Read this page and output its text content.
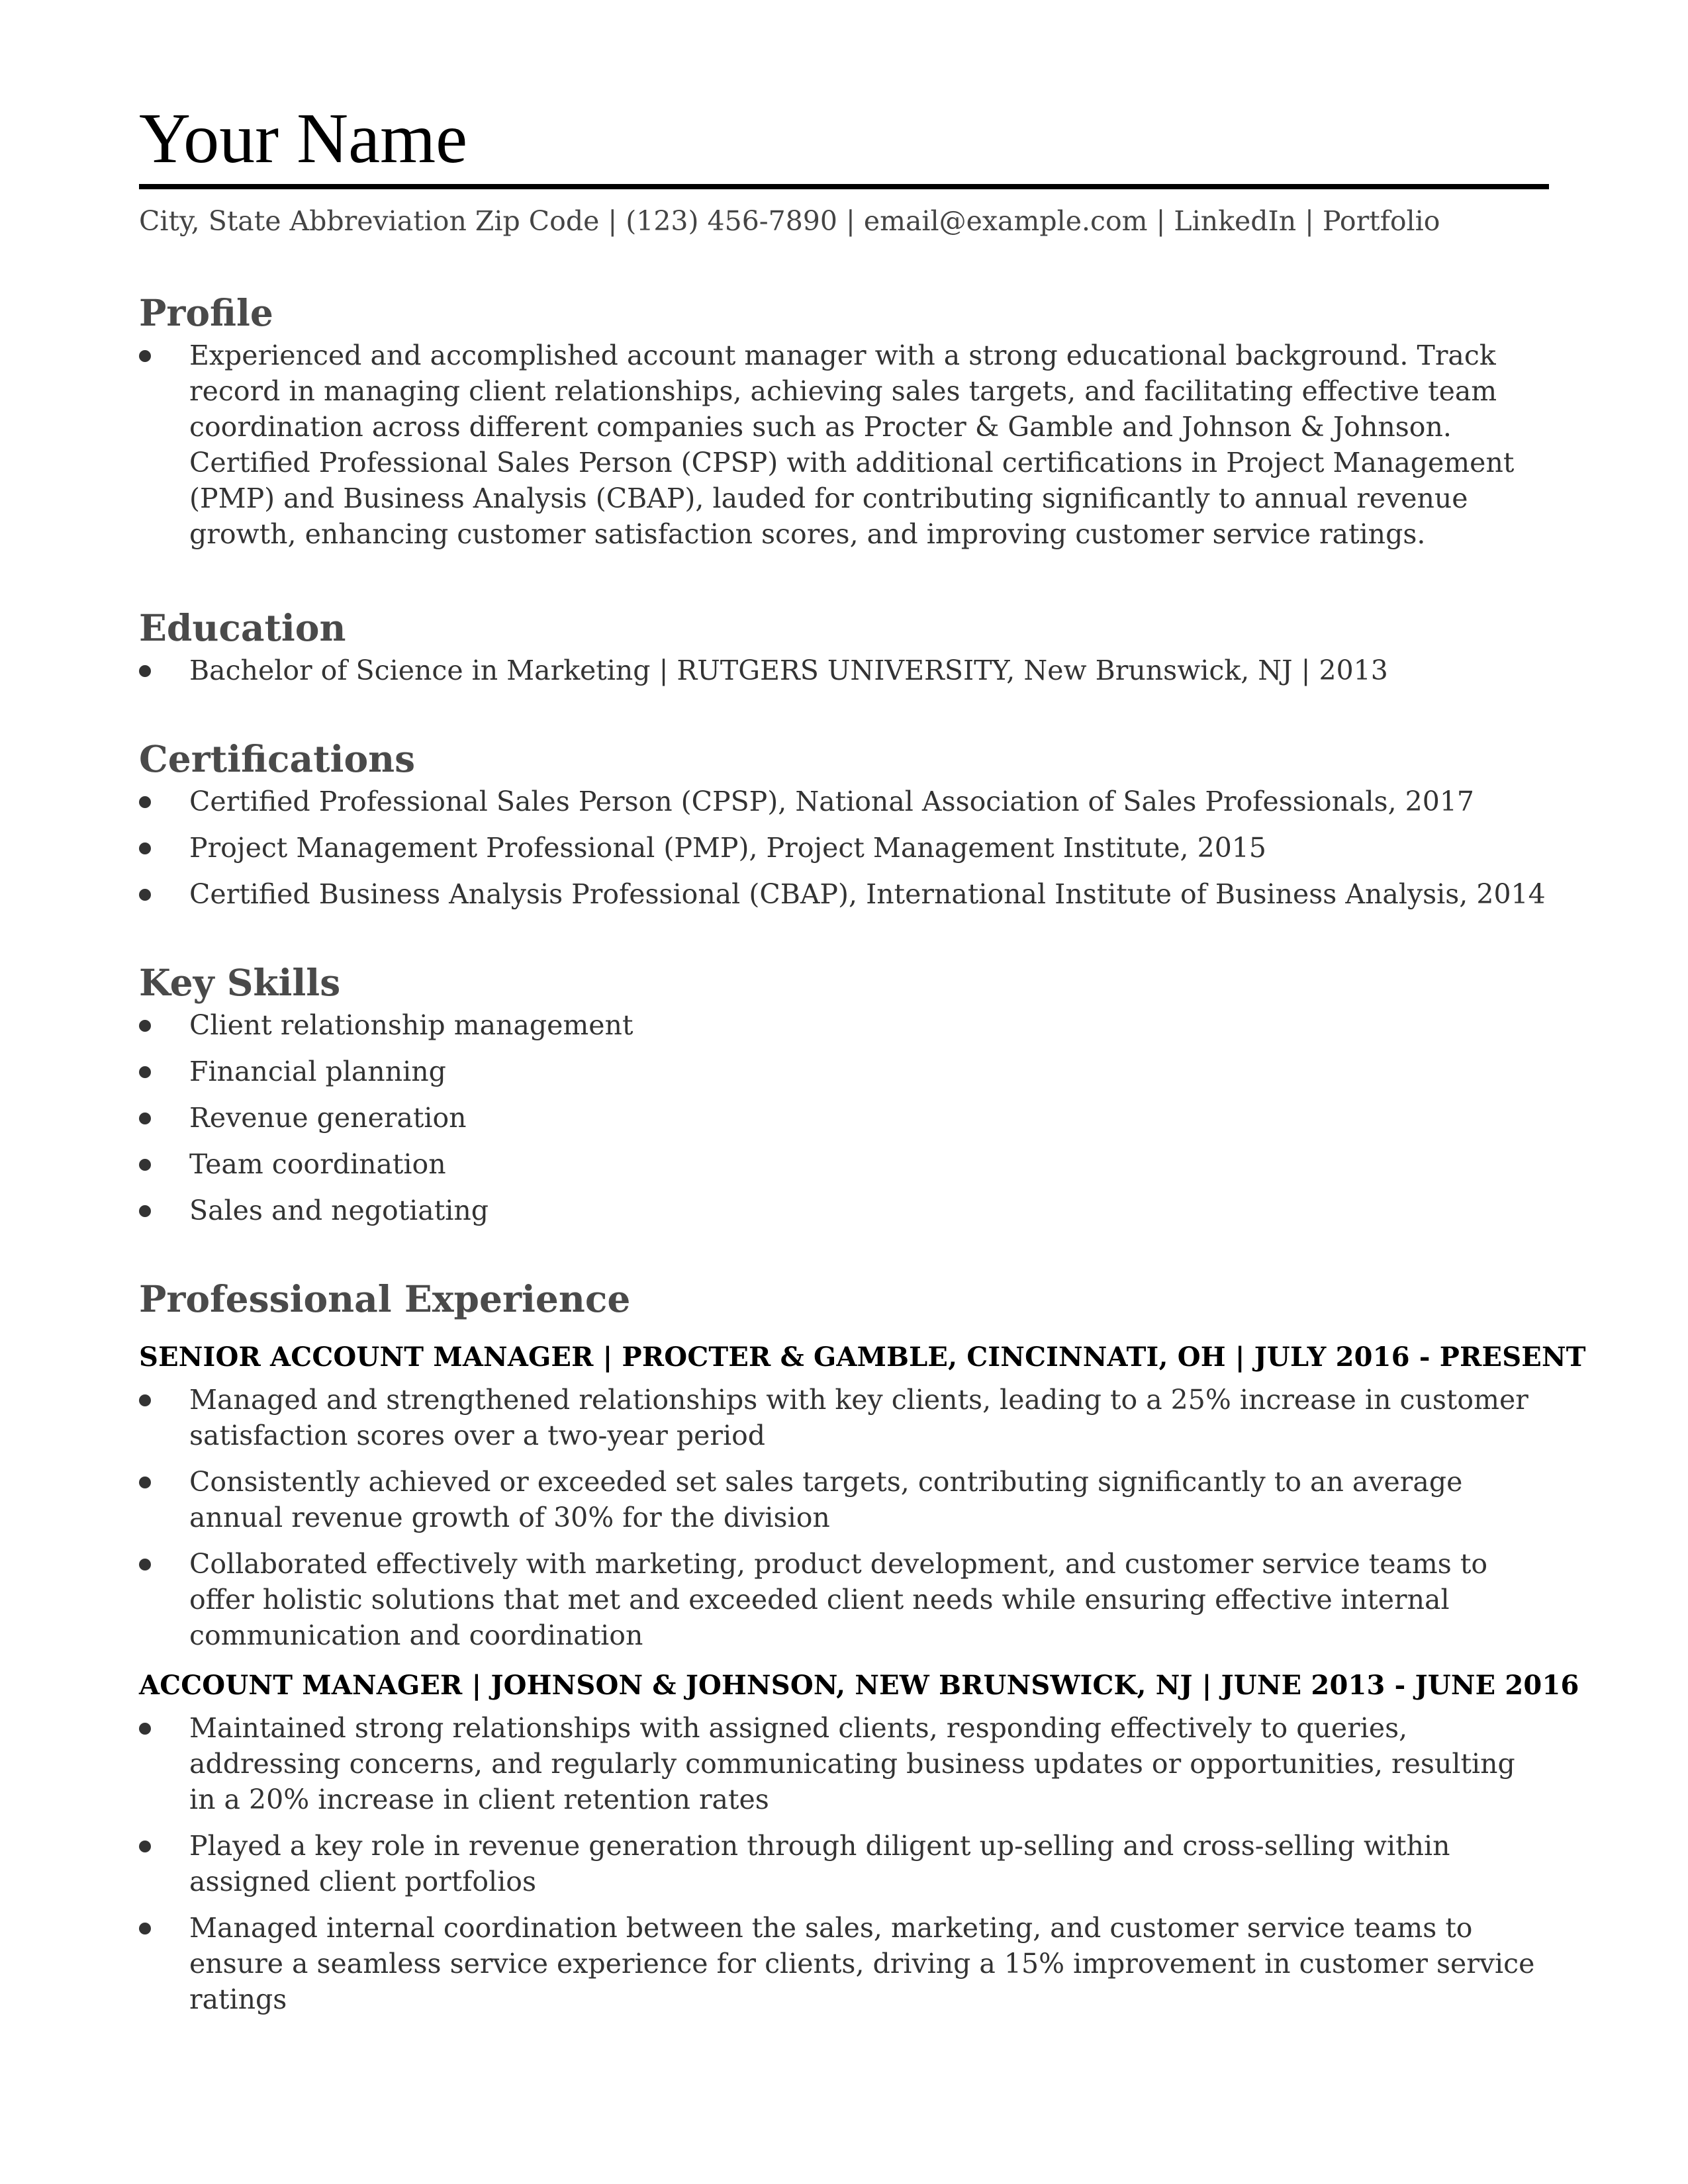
Your Name
City, State Abbreviation Zip Code | (123) 456-7890 | email@example.com | LinkedIn | Portfolio
Profile
Experienced and accomplished account manager with a strong educational background. Track record in managing client relationships, achieving sales targets, and facilitating effective team coordination across different companies such as Procter & Gamble and Johnson & Johnson. Certified Professional Sales Person (CPSP) with additional certifications in Project Management (PMP) and Business Analysis (CBAP), lauded for contributing significantly to annual revenue growth, enhancing customer satisfaction scores, and improving customer service ratings.
Education
Bachelor of Science in Marketing | RUTGERS UNIVERSITY, New Brunswick, NJ | 2013
Certifications
Certified Professional Sales Person (CPSP), National Association of Sales Professionals, 2017
Project Management Professional (PMP), Project Management Institute, 2015
Certified Business Analysis Professional (CBAP), International Institute of Business Analysis, 2014
Key Skills
Client relationship management
Financial planning
Revenue generation
Team coordination
Sales and negotiating
Professional Experience
SENIOR ACCOUNT MANAGER | PROCTER & GAMBLE, CINCINNATI, OH | JULY 2016 - PRESENT
Managed and strengthened relationships with key clients, leading to a 25% increase in customer satisfaction scores over a two-year period
Consistently achieved or exceeded set sales targets, contributing significantly to an average annual revenue growth of 30% for the division
Collaborated effectively with marketing, product development, and customer service teams to offer holistic solutions that met and exceeded client needs while ensuring effective internal communication and coordination
ACCOUNT MANAGER | JOHNSON & JOHNSON, NEW BRUNSWICK, NJ | JUNE 2013 - JUNE 2016
Maintained strong relationships with assigned clients, responding effectively to queries, addressing concerns, and regularly communicating business updates or opportunities, resulting in a 20% increase in client retention rates
Played a key role in revenue generation through diligent up-selling and cross-selling within assigned client portfolios
Managed internal coordination between the sales, marketing, and customer service teams to ensure a seamless service experience for clients, driving a 15% improvement in customer service ratings
